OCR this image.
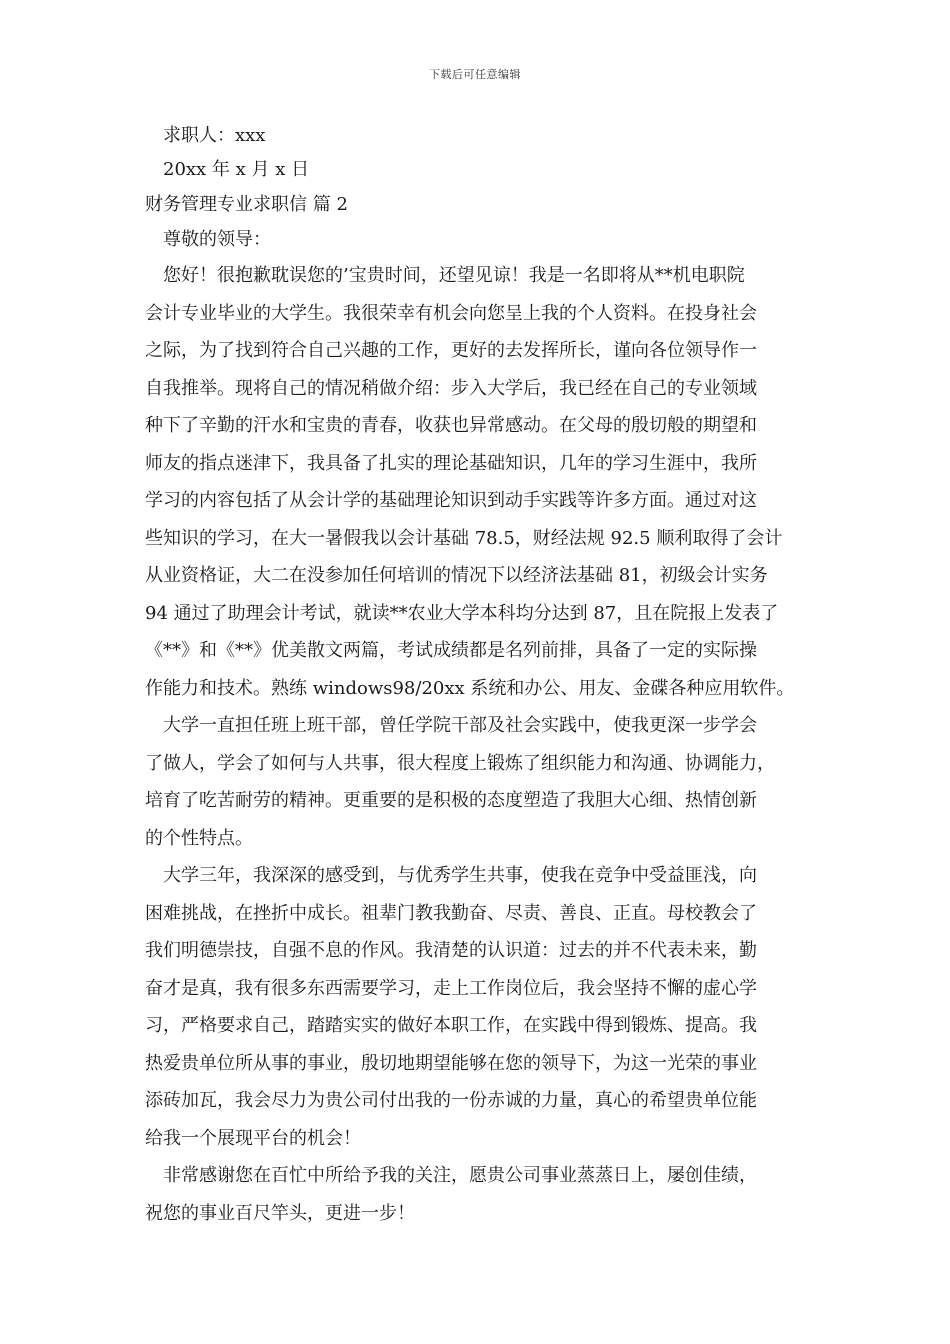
下载后可任意编辑
求职人：xxx
20xx 年 x 月 x 日
财务管理专业求职信 篇 2
尊敬的领导：
您好！很抱歉耽误您的’宝贵时间，还望见谅！我是一名即将从**机电职院
会计专业毕业的大学生。我很荣幸有机会向您呈上我的个人资料。在投身社会
之际，为了找到符合自己兴趣的工作，更好的去发挥所长，谨向各位领导作一
自我推举。现将自己的情况稍做介绍：步入大学后，我已经在自己的专业领域
种下了辛勤的汗水和宝贵的青春，收获也异常感动。在父母的殷切般的期望和
师友的指点迷津下，我具备了扎实的理论基础知识，几年的学习生涯中，我所
学习的内容包括了从会计学的基础理论知识到动手实践等许多方面。通过对这
些知识的学习，在大一暑假我以会计基础 78.5，财经法规 92.5 顺利取得了会计
从业资格证，大二在没参加任何培训的情况下以经济法基础 81，初级会计实务
94 通过了助理会计考试，就读**农业大学本科均分达到 87，且在院报上发表了
《**》和《**》优美散文两篇，考试成绩都是名列前排，具备了一定的实际操
作能力和技术。熟练 windows98/20xx 系统和办公、用友、金碟各种应用软件。
大学一直担任班上班干部，曾任学院干部及社会实践中，使我更深一步学会
了做人，学会了如何与人共事，很大程度上锻炼了组织能力和沟通、协调能力，
培育了吃苦耐劳的精神。更重要的是积极的态度塑造了我胆大心细、热情创新
的个性特点。
大学三年，我深深的感受到，与优秀学生共事，使我在竞争中受益匪浅，向
困难挑战，在挫折中成长。祖辈门教我勤奋、尽责、善良、正直。母校教会了
我们明德崇技，自强不息的作风。我清楚的认识道：过去的并不代表未来，勤
奋才是真，我有很多东西需要学习，走上工作岗位后，我会坚持不懈的虚心学
习，严格要求自己，踏踏实实的做好本职工作，在实践中得到锻炼、提高。我
热爱贵单位所从事的事业，殷切地期望能够在您的领导下，为这一光荣的事业
添砖加瓦，我会尽力为贵公司付出我的一份赤诚的力量，真心的希望贵单位能
给我一个展现平台的机会！
非常感谢您在百忙中所给予我的关注，愿贵公司事业蒸蒸日上，屡创佳绩，
祝您的事业百尺竿头，更进一步！
